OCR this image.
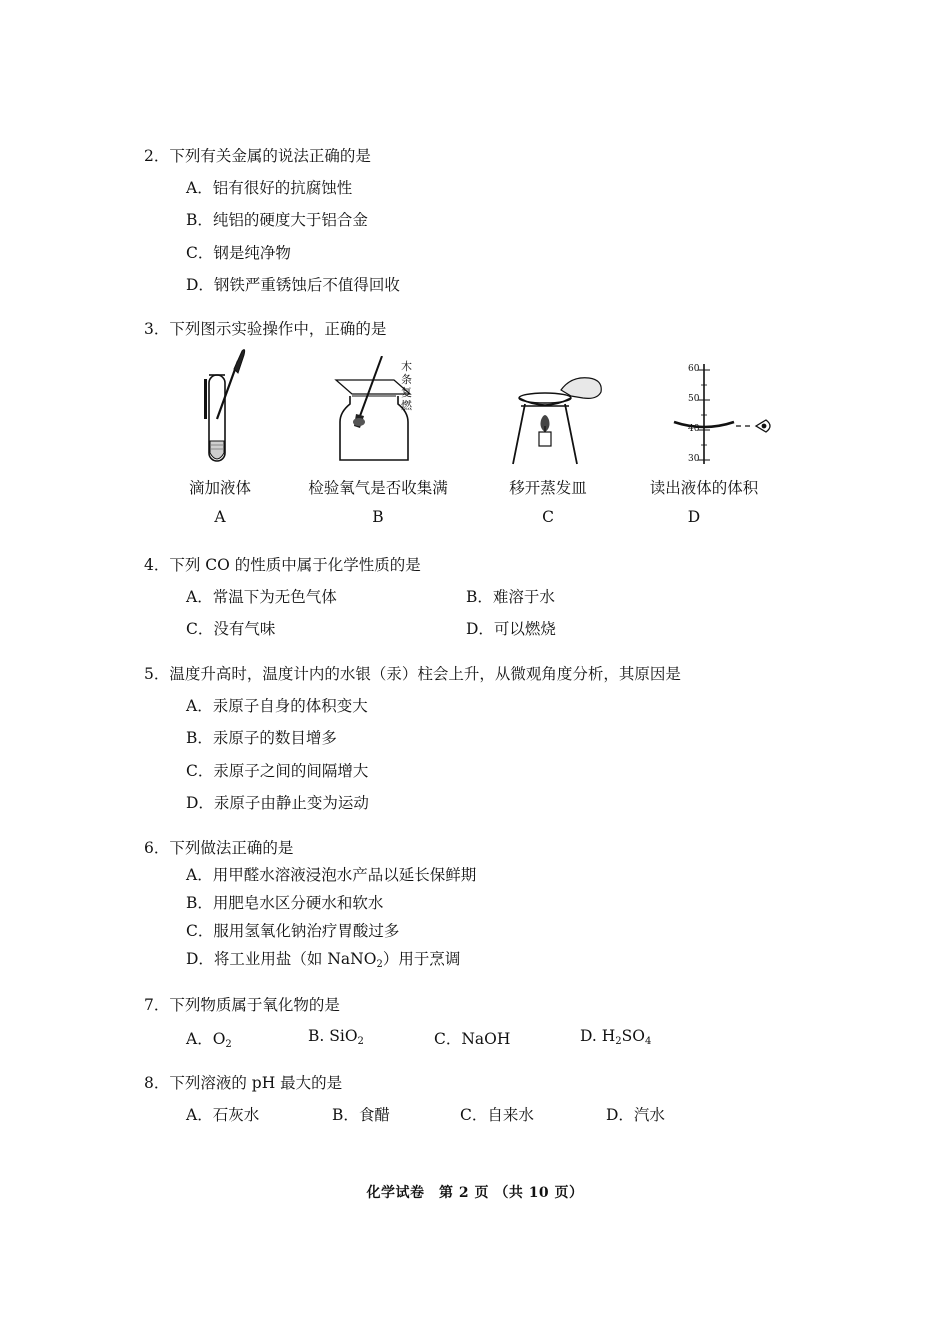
2．下列有关金属的说法正确的是
A．铝有很好的抗腐蚀性
B．纯铝的硬度大于铝合金
C．钢是纯净物
D．钢铁严重锈蚀后不值得回收
3．下列图示实验操作中，正确的是
滴加液体
A
木
条
复
燃
检验氧气是否收集满
B
移开蒸发皿
C
60
50
40
30
读出液体的体积
D
4．下列 CO 的性质中属于化学性质的是
A．常温下为无色气体	B．难溶于水
C．没有气味	D．可以燃烧
5．温度升高时，温度计内的水银（汞）柱会上升，从微观角度分析，其原因是
A．汞原子自身的体积变大
B．汞原子的数目增多
C．汞原子之间的间隔增大
D．汞原子由静止变为运动
6．下列做法正确的是
A．用甲醛水溶液浸泡水产品以延长保鲜期
B．用肥皂水区分硬水和软水
C．服用氢氧化钠治疗胃酸过多
D．将工业用盐（如 NaNO$_2$）用于烹调
7．下列物质属于氧化物的是
A．$O_2$	B. SiO$_2$	C．NaOH	D. $H_2SO_4$
8．下列溶液的 pH 最大的是
A．石灰水	B．食醋	C．自来水	D．汽水
化学试卷　第 2 页 （共 10 页）
